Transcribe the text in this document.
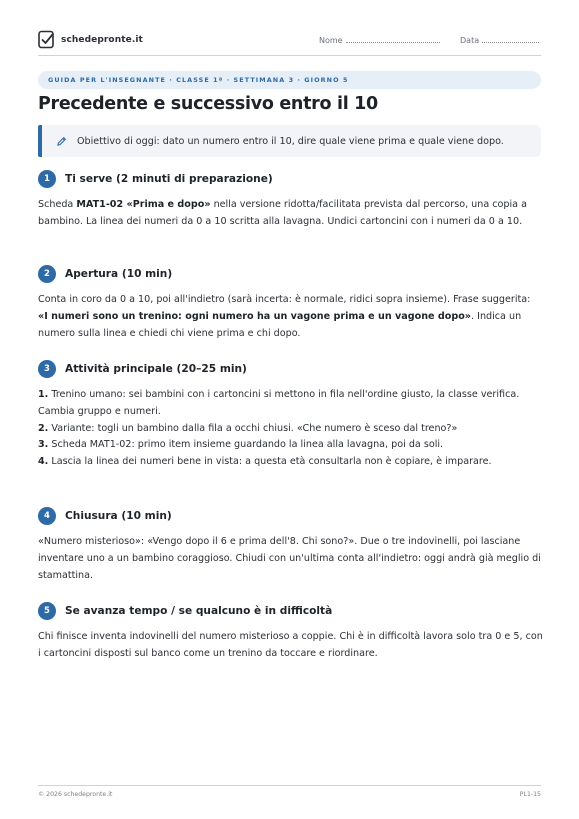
schedepronte.it	Nome	Data
GUIDA PER L'INSEGNANTE · CLASSE 1ª · SETTIMANA 3 · GIORNO 5
Precedente e successivo entro il 10
Obiettivo di oggi: dato un numero entro il 10, dire quale viene prima e quale viene dopo.
1	Ti serve (2 minuti di preparazione)

Scheda MAT1-02 «Prima e dopo» nella versione ridotta/facilitata prevista dal percorso, una copia a bambino. La linea dei numeri da 0 a 10 scritta alla lavagna. Undici cartoncini con i numeri da 0 a 10.

2	Apertura (10 min)

Conta in coro da 0 a 10, poi all'indietro (sarà incerta: è normale, ridici sopra insieme). Frase suggerita: «I numeri sono un trenino: ogni numero ha un vagone prima e un vagone dopo». Indica un numero sulla linea e chiedi chi viene prima e chi dopo.

3	Attività principale (20–25 min)

1. Trenino umano: sei bambini con i cartoncini si mettono in fila nell'ordine giusto, la classe verifica. Cambia gruppo e numeri.

2. Variante: togli un bambino dalla fila a occhi chiusi. «Che numero è sceso dal treno?»

3. Scheda MAT1-02: primo item insieme guardando la linea alla lavagna, poi da soli.

4. Lascia la linea dei numeri bene in vista: a questa età consultarla non è copiare, è imparare.

4	Chiusura (10 min)

«Numero misterioso»: «Vengo dopo il 6 e prima dell'8. Chi sono?». Due o tre indovinelli, poi lasciane inventare uno a un bambino coraggioso. Chiudi con un'ultima conta all'indietro: oggi andrà già meglio di stamattina.

5	Se avanza tempo / se qualcuno è in difficoltà

Chi finisce inventa indovinelli del numero misterioso a coppie. Chi è in difficoltà lavora solo tra 0 e 5, con i cartoncini disposti sul banco come un trenino da toccare e riordinare.

© 2026 schedepronte.it	PL1-15
